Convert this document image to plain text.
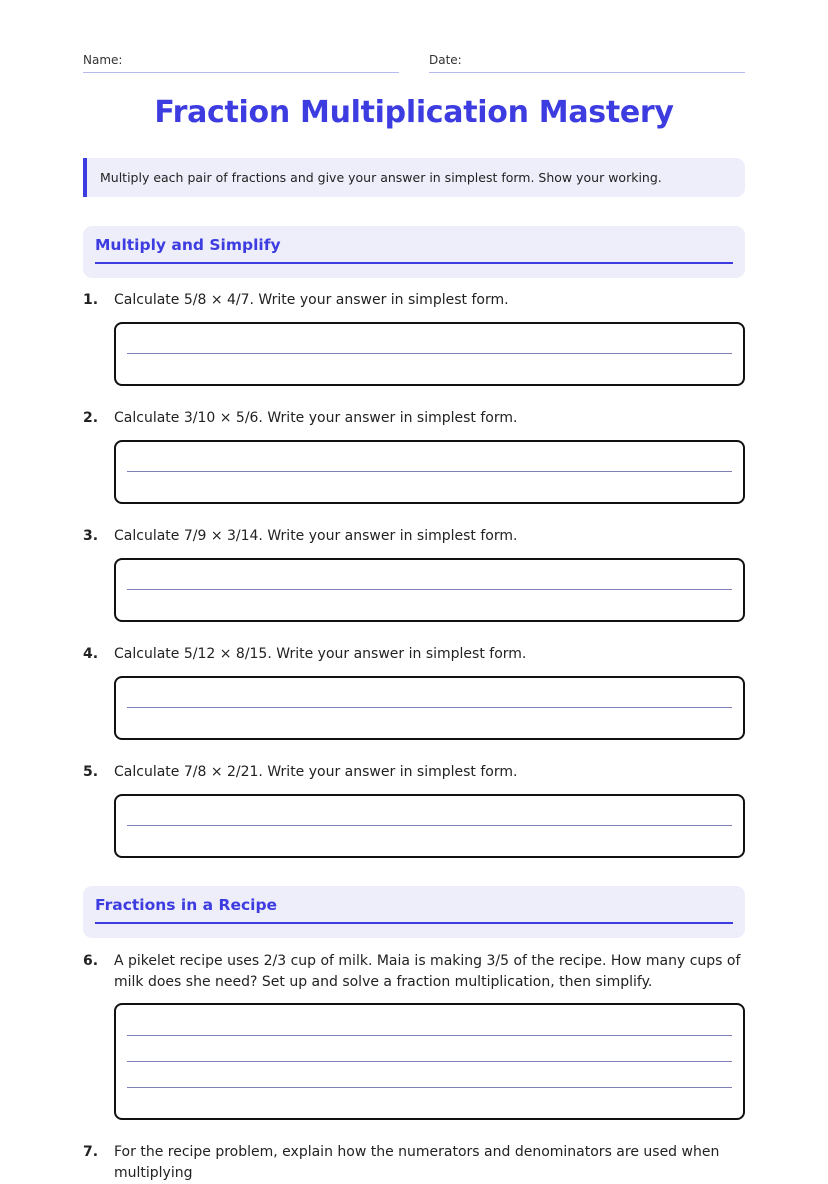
Name:	Date:
Fraction Multiplication Mastery
Multiply each pair of fractions and give your answer in simplest form. Show your working.
Multiply and Simplify
1. Calculate 5/8 × 4/7. Write your answer in simplest form.
2. Calculate 3/10 × 5/6. Write your answer in simplest form.
3. Calculate 7/9 × 3/14. Write your answer in simplest form.
4. Calculate 5/12 × 8/15. Write your answer in simplest form.
5. Calculate 7/8 × 2/21. Write your answer in simplest form.
Fractions in a Recipe
6. A pikelet recipe uses 2/3 cup of milk. Maia is making 3/5 of the recipe. How many cups of milk does she need? Set up and solve a fraction multiplication, then simplify.
7. For the recipe problem, explain how the numerators and denominators are used when multiplying
